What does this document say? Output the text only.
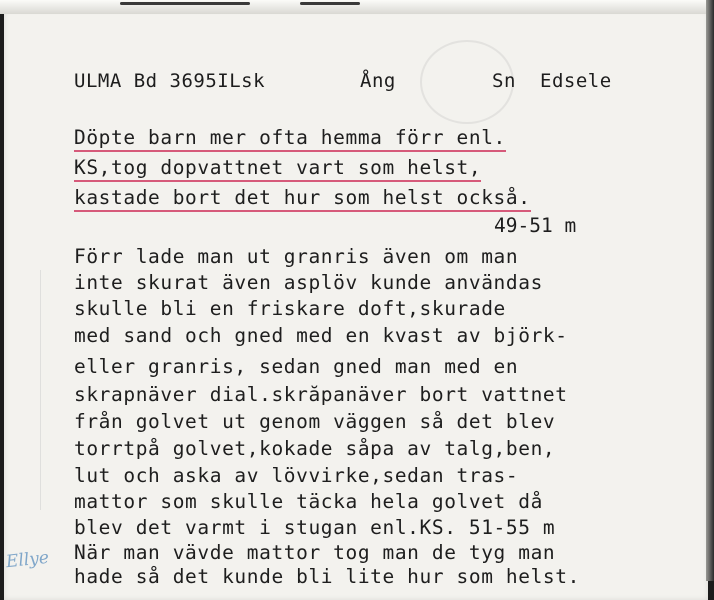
ULMA Bd 3695ILsk	Ång	Sn Edsele
Döpte barn mer ofta hemma förr enl.
KS,tog dopvattnet vart som helst,
kastade bort det hur som helst också.
49-51 m
Förr lade man ut granris även om man
inte skurat även asplöv kunde användas
skulle bli en friskare doft,skurade
med sand och gned med en kvast av björk-
eller granris, sedan gned man med en
skrapnäver dial.skrăpanäver bort vattnet
från golvet ut genom väggen så det blev
torrtpå golvet,kokade såpa av talg,ben,
lut och aska av lövvirke,sedan tras-
mattor som skulle täcka hela golvet då
blev det varmt i stugan enl.KS. 51-55 m
När man vävde mattor tog man de tyg man
hade så det kunde bli lite hur som helst.
Ellye
